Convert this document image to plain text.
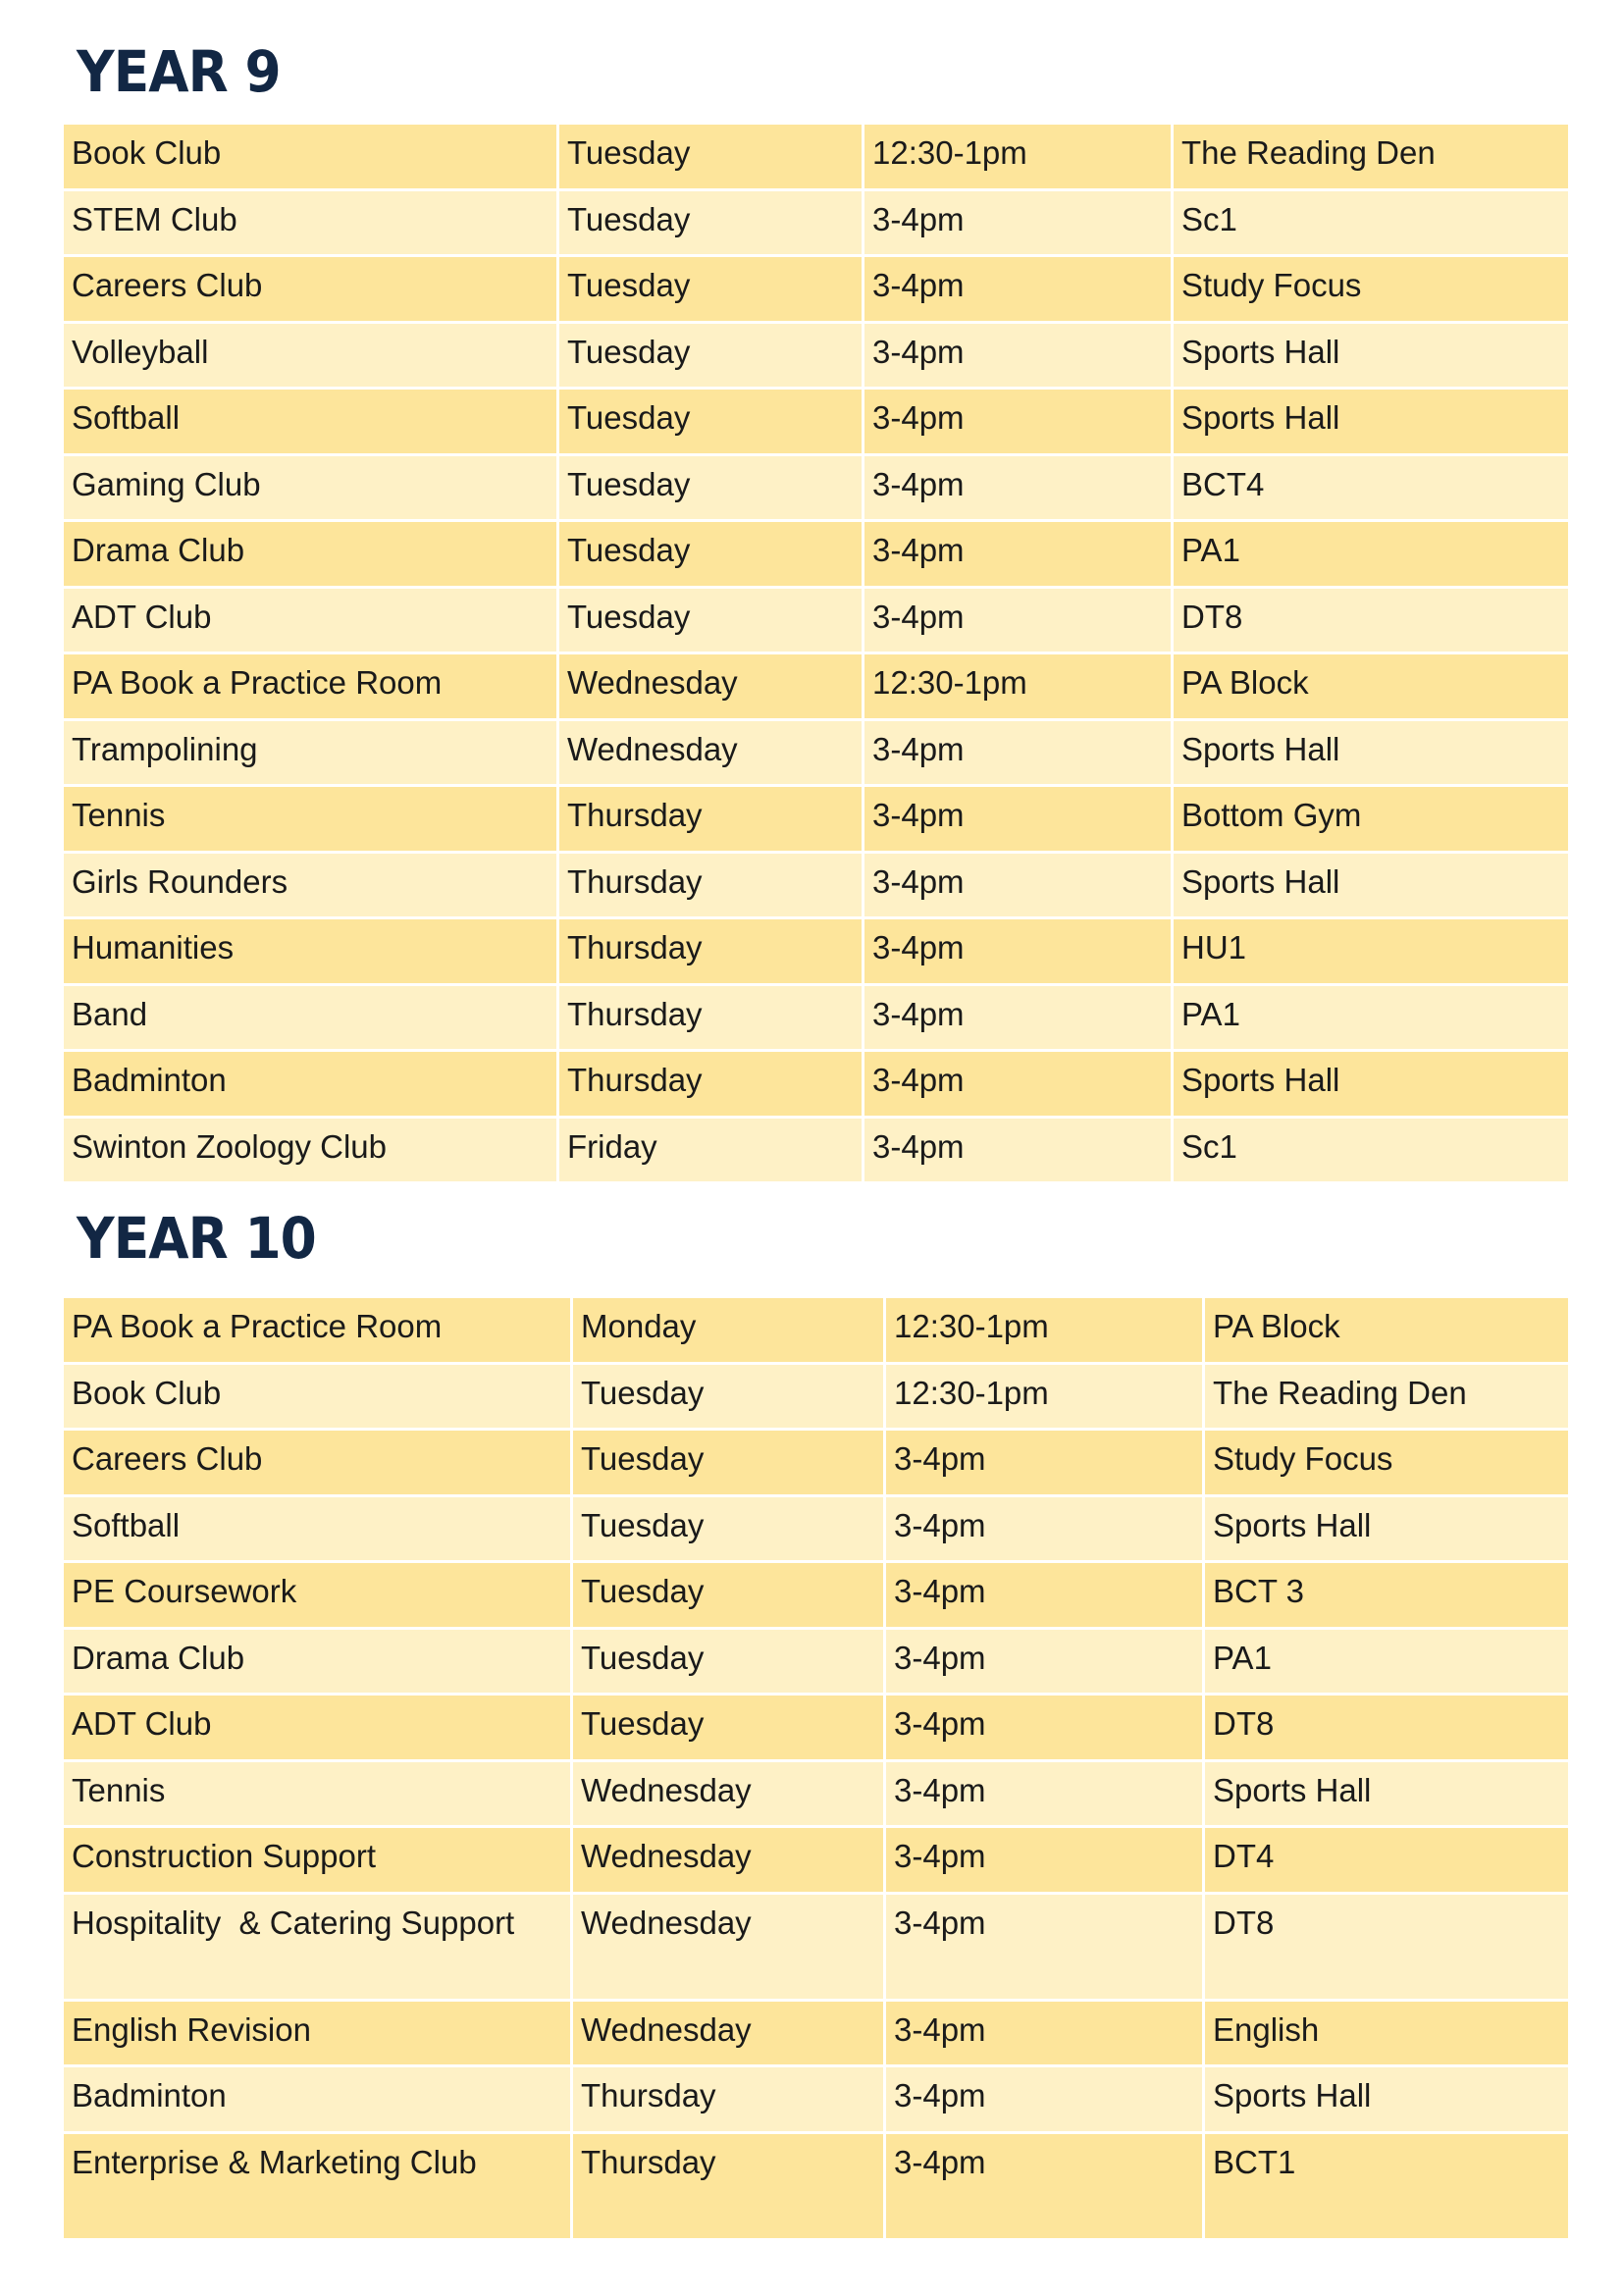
YEAR 9
Book Club	Tuesday	12:30-1pm	The Reading Den
STEM Club	Tuesday	3-4pm	Sc1
Careers Club	Tuesday	3-4pm	Study Focus
Volleyball	Tuesday	3-4pm	Sports Hall
Softball	Tuesday	3-4pm	Sports Hall
Gaming Club	Tuesday	3-4pm	BCT4
Drama Club	Tuesday	3-4pm	PA1
ADT Club	Tuesday	3-4pm	DT8
PA Book a Practice Room	Wednesday	12:30-1pm	PA Block
Trampolining	Wednesday	3-4pm	Sports Hall
Tennis	Thursday	3-4pm	Bottom Gym
Girls Rounders	Thursday	3-4pm	Sports Hall
Humanities	Thursday	3-4pm	HU1
Band	Thursday	3-4pm	PA1
Badminton	Thursday	3-4pm	Sports Hall
Swinton Zoology Club	Friday	3-4pm	Sc1
YEAR 10
PA Book a Practice Room	Monday	12:30-1pm	PA Block
Book Club	Tuesday	12:30-1pm	The Reading Den
Careers Club	Tuesday	3-4pm	Study Focus
Softball	Tuesday	3-4pm	Sports Hall
PE Coursework	Tuesday	3-4pm	BCT 3
Drama Club	Tuesday	3-4pm	PA1
ADT Club	Tuesday	3-4pm	DT8
Tennis	Wednesday	3-4pm	Sports Hall
Construction Support	Wednesday	3-4pm	DT4
Hospitality  & Catering Support	Wednesday	3-4pm	DT8
English Revision	Wednesday	3-4pm	English
Badminton	Thursday	3-4pm	Sports Hall
Enterprise & Marketing Club	Thursday	3-4pm	BCT1
